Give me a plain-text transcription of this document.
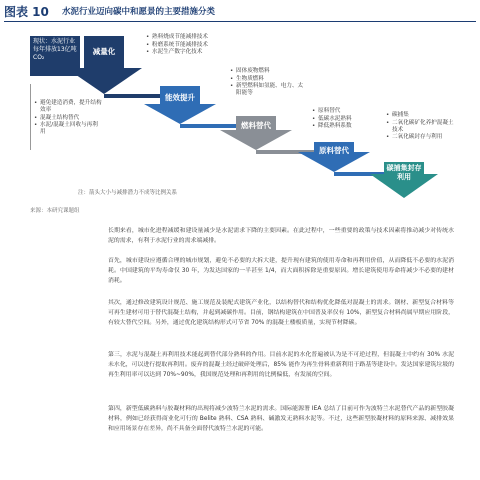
图表 10 水泥行业迈向碳中和愿景的主要措施分类
现状：水泥行业每年排放13亿吨CO₂
减量化
能效提升
燃料替代
原料替代
碳捕集封存利用
• 熟料烧成节能减排技术
• 粉磨系统节能减排技术
• 水泥生产数字化技术
• 固体废物燃料
• 生物质燃料
• 新型燃料如氢能、电力、太阳能等
• 避免建造消费，提升结构效率
• 混凝土结构替代
• 水泥/混凝土回收与再利用
• 原料替代
• 低碳水泥熟料
• 降低熟料系数
• 碳捕集
• 二氧化碳矿化养护混凝土技术
• 二氧化碳封存与利用
注：箭头大小与减排潜力不成等比例关系
来源：本研究课题组
长期来看，城市化进程减缓和建设量减少是水泥需求下降的主要因素。在此过程中，一些重要的政策与技术因素将推动减少对传统水泥的需求，有利于水泥行业的需求端减排。
首先，城市建设应遵循合理的城市规划，避免不必要的大拆大建，提升现有建筑的使用寿命和再利用价值，从而降低不必要的水泥消耗。中国建筑的平均寿命仅 30 年，为发达国家的一半甚至 1/4，而大面积拆除是重要原因。增长建筑使用寿命将减少不必要的建材消耗。
其次，通过修改建筑设计规范、施工规范及装配式建筑产业化，以结构替代和结构优化降低对混凝土的需求。钢材、新型复合材料等可再生建材可用于替代混凝土结构，并起到减碳作用。目前，钢结构建筑在中国普及率仅有 10%，新型复合材料尚属早期应用阶段，有较大替代空间。另外，通过优化建筑结构形式可节省 70% 的混凝土楼板质量，实现节材降碳。
第三，水泥与混凝土再利用技术能起到替代部分熟料的作用。目前水泥的水化普遍被认为是不可逆过程，但混凝土中约有 30% 水泥未水化，可以进行提取再利用。废弃的混凝土经过破碎处理后，85% 能作为再生骨料重新利用于路基等建设中。发达国家建筑垃圾的再生利用率可以达到 70%~90%，我国规范处理和再利用的比例偏低，有发展的空间。
第四，新型低碳熟料与胶凝材料的出现将减少波特兰水泥的需求。国际能源署 IEA 总结了目前可作为波特兰水泥替代产品的新型胶凝材料，例如已经获得商业化可行的 Belite 熟料、CSA 熟料、碱激发无熟料水泥等。不过，这些新型胶凝材料的原料来源、减排效果和应用场景存在差异，尚不具备全面替代波特兰水泥的可能。
